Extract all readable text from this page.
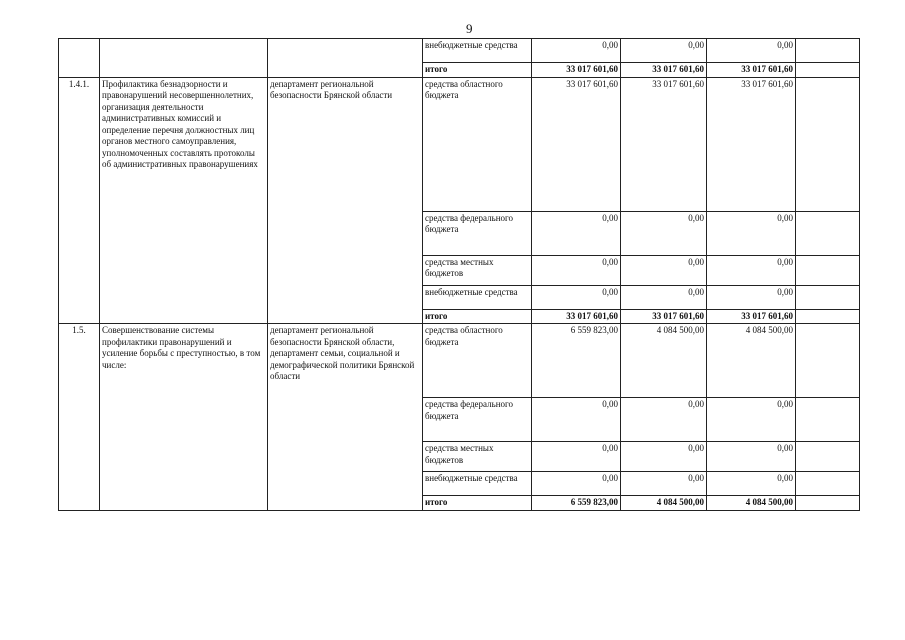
9
			внебюджетные средства	0,00	0,00	0,00	
			итого	33 017 601,60	33 017 601,60	33 017 601,60	
1.4.1.	Профилактика безнадзорности и правонарушений несовершеннолетних, организация деятельности административных комиссий и определение перечня должностных лиц органов местного самоуправления, уполномоченных составлять протоколы об административных правонарушениях	департамент региональной безопасности Брянской области	средства областного бюджета	33 017 601,60	33 017 601,60	33 017 601,60	
			средства федерального бюджета	0,00	0,00	0,00	
			средства местных бюджетов	0,00	0,00	0,00	
			внебюджетные средства	0,00	0,00	0,00	
			итого	33 017 601,60	33 017 601,60	33 017 601,60	
1.5.	Совершенствование системы профилактики правонарушений и усиление борьбы с преступностью, в том числе:	департамент региональной безопасности Брянской области, департамент семьи, социальной и демографической политики Брянской области	средства областного бюджета	6 559 823,00	4 084 500,00	4 084 500,00	
			средства федерального бюджета	0,00	0,00	0,00	
			средства местных бюджетов	0,00	0,00	0,00	
			внебюджетные средства	0,00	0,00	0,00	
			итого	6 559 823,00	4 084 500,00	4 084 500,00	
